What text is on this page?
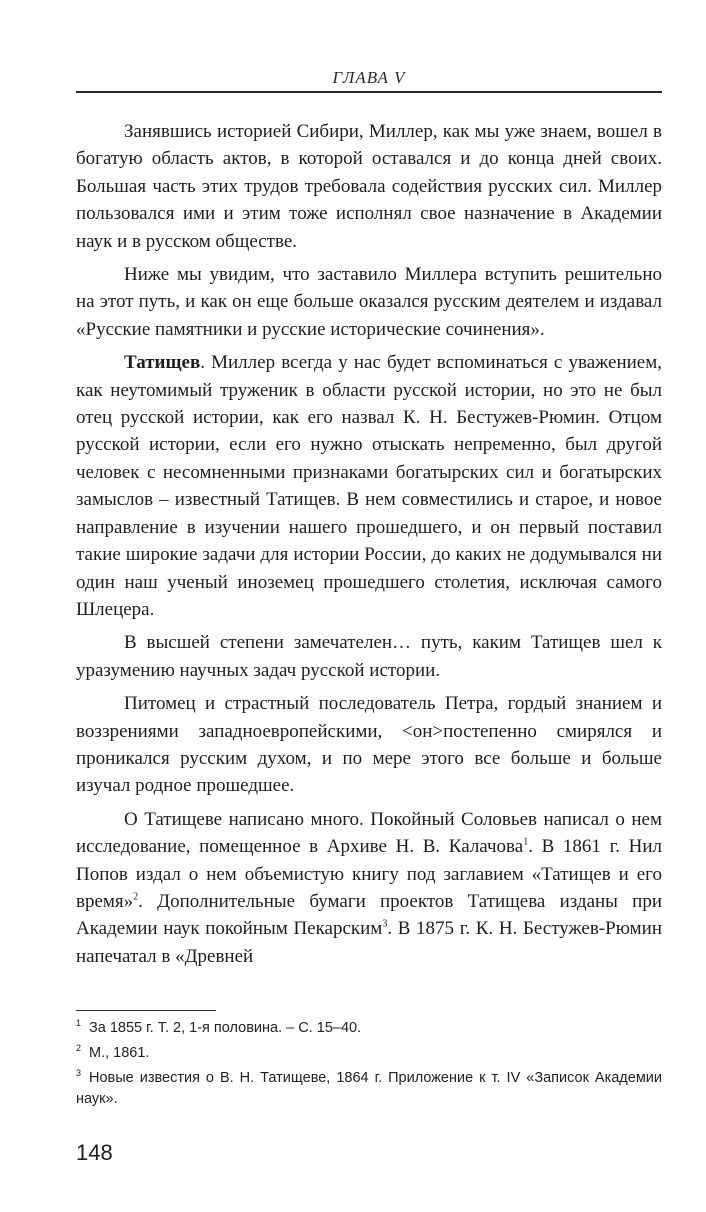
ГЛАВА V

Занявшись историей Сибири, Миллер, как мы уже знаем, вошел в богатую область актов, в которой оставался и до конца дней своих. Большая часть этих трудов требовала содействия русских сил. Миллер пользовался ими и этим тоже исполнял свое назначение в Академии наук и в русском обществе.

Ниже мы увидим, что заставило Миллера вступить решительно на этот путь, и как он еще больше оказался русским деятелем и издавал «Русские памятники и русские исторические сочинения».

Татищев. Миллер всегда у нас будет вспоминаться с уважением, как неутомимый труженик в области русской истории, но это не был отец русской истории, как его назвал К. Н. Бестужев-Рюмин. Отцом русской истории, если его нужно отыскать непременно, был другой человек с несомненными признаками богатырских сил и богатырских замыслов – известный Татищев. В нем совместились и старое, и новое направление в изучении нашего прошедшего, и он первый поставил такие широкие задачи для истории России, до каких не додумывался ни один наш ученый иноземец прошедшего столетия, исключая самого Шлецера.

В высшей степени замечателен… путь, каким Татищев шел к уразумению научных задач русской истории.

Питомец и страстный последователь Петра, гордый знанием и воззрениями западноевропейскими, <он>постепенно смирялся и проникался русским духом, и по мере этого все больше и больше изучал родное прошедшее.

О Татищеве написано много. Покойный Соловьев написал о нем исследование, помещенное в Архиве Н. В. Калачова$^1$. В 1861 г. Нил Попов издал о нем объемистую книгу под заглавием «Татищев и его время»$^2$. Дополнительные бумаги проектов Татищева изданы при Академии наук покойным Пекарским$^3$. В 1875 г. К. Н. Бестужев-Рюмин напечатал в «Древней

$^1$ За 1855 г. Т. 2, 1-я половина. – С. 15–40.
$^2$ М., 1861.
$^3$ Новые известия о В. Н. Татищеве, 1864 г. Приложение к т. IV «Записок Академии наук».
148
